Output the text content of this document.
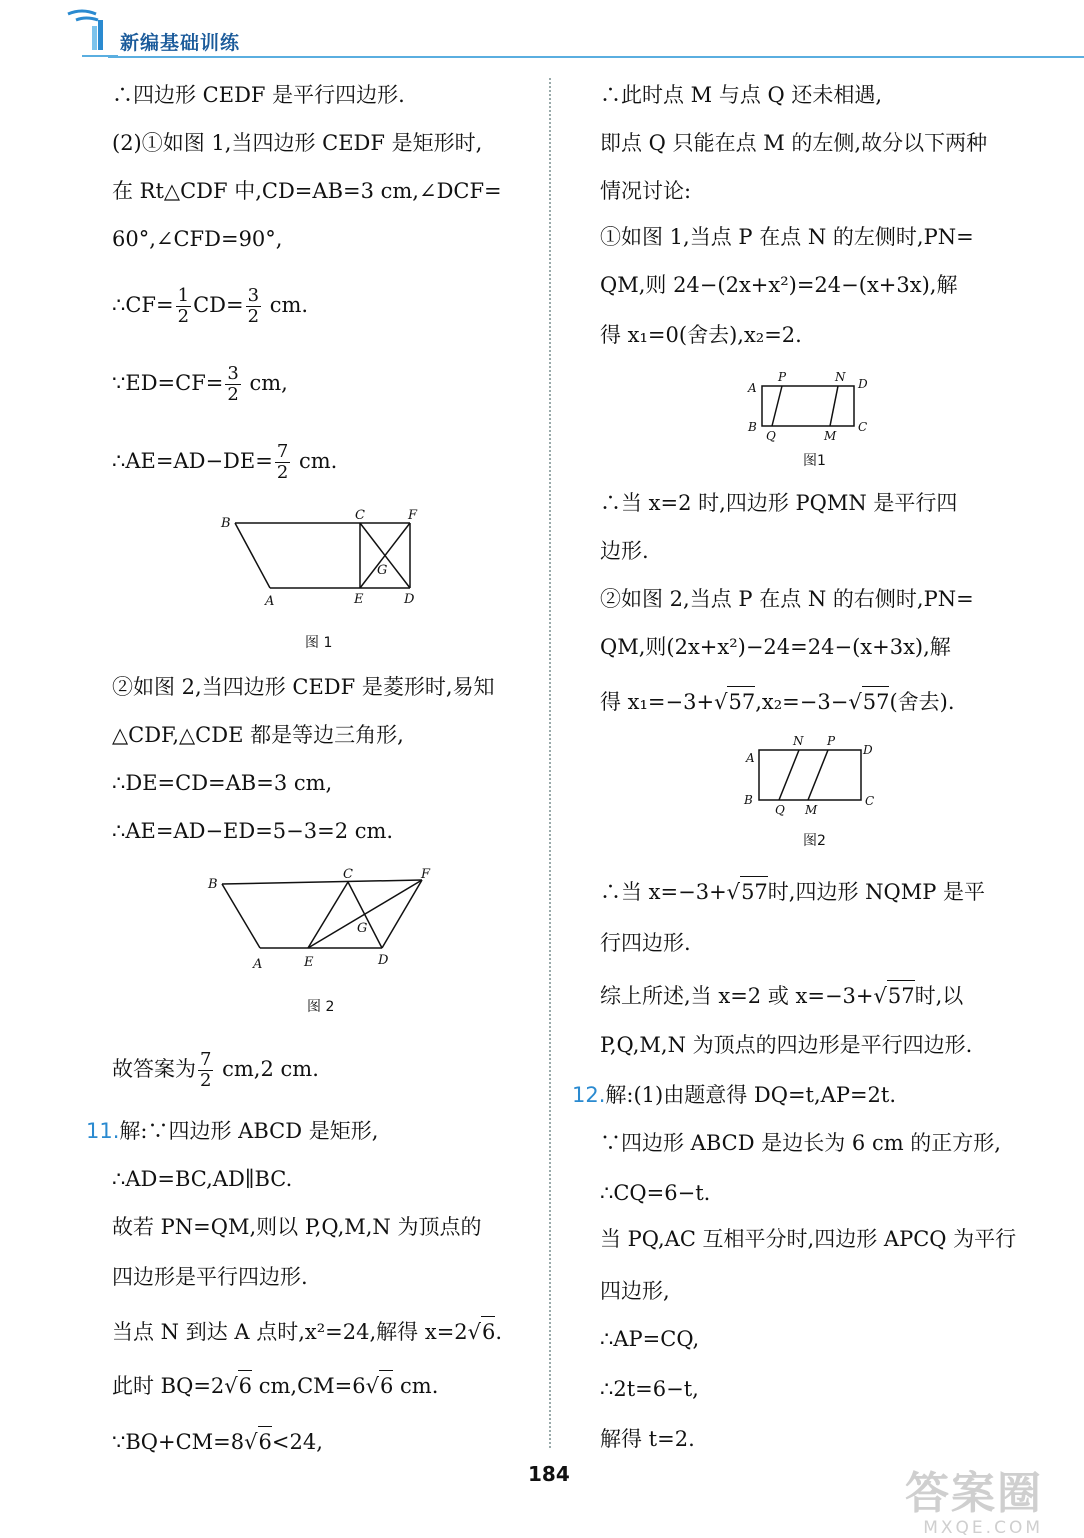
新编基础训练
∴四边形 CEDF 是平行四边形.
(2)①如图 1,当四边形 CEDF 是矩形时,
在 Rt△CDF 中,CD=AB=3 cm,∠DCF=
60°,∠CFD=90°,
∴CF= $\frac{1}{2} CD= \frac{3}{2}$ cm.
∵ED=CF= $\frac{3}{2}$ cm,
∴AE=AD−DE= $\frac{7}{2}$ cm.
B
C	F
G
A	E	D
图 1
②如图 2,当四边形 CEDF 是菱形时,易知
△CDF,△CDE 都是等边三角形,
∴DE=CD=AB=3 cm,
∴AE=AD−ED=5−3=2 cm.
B
C	F
G
A	E	D
图 2
故答案为 $\frac{7}{2} cm,2$ cm.
11.解:∵四边形 ABCD 是矩形,
∴AD=BC,AD∥BC.
故若 PN=QM,则以 P,Q,M,N 为顶点的
四边形是平行四边形.
当点 N 到达 A 点时,x²=24,解得 x=2√6.
此时 BQ=2√6 cm,CM=6√6 cm.
∵BQ+CM=8√6<24,
∴此时点 M 与点 Q 还未相遇,
即点 Q 只能在点 M 的左侧,故分以下两种
情况讨论:
①如图 1,当点 P 在点 N 的左侧时,PN=
QM,则 24−(2x+x²)=24−(x+3x),解
得 x₁=0(舍去),x₂=2.
A
P	N D
B
Q	M
C
图1
∴当 x=2 时,四边形 PQMN 是平行四
边形.
②如图 2,当点 P 在点 N 的右侧时,PN=
QM,则(2x+x²)−24=24−(x+3x),解
得 x₁=−3+√57,x₂=−3−√57(舍去).
A
N P
D
B
Q M
C
图2
∴当 x=−3+√57时,四边形 NQMP 是平
行四边形.
综上所述,当 x=2 或 x=−3+√57时,以
P,Q,M,N 为顶点的四边形是平行四边形.
12.解:(1)由题意得 DQ=t,AP=2t.
∵四边形 ABCD 是边长为 6 cm 的正方形,
∴CQ=6−t.
当 PQ,AC 互相平分时,四边形 APCQ 为平行
四边形,
∴AP=CQ,
∴2t=6−t,
解得 t=2.
184	答案圈
MXQE.COM
